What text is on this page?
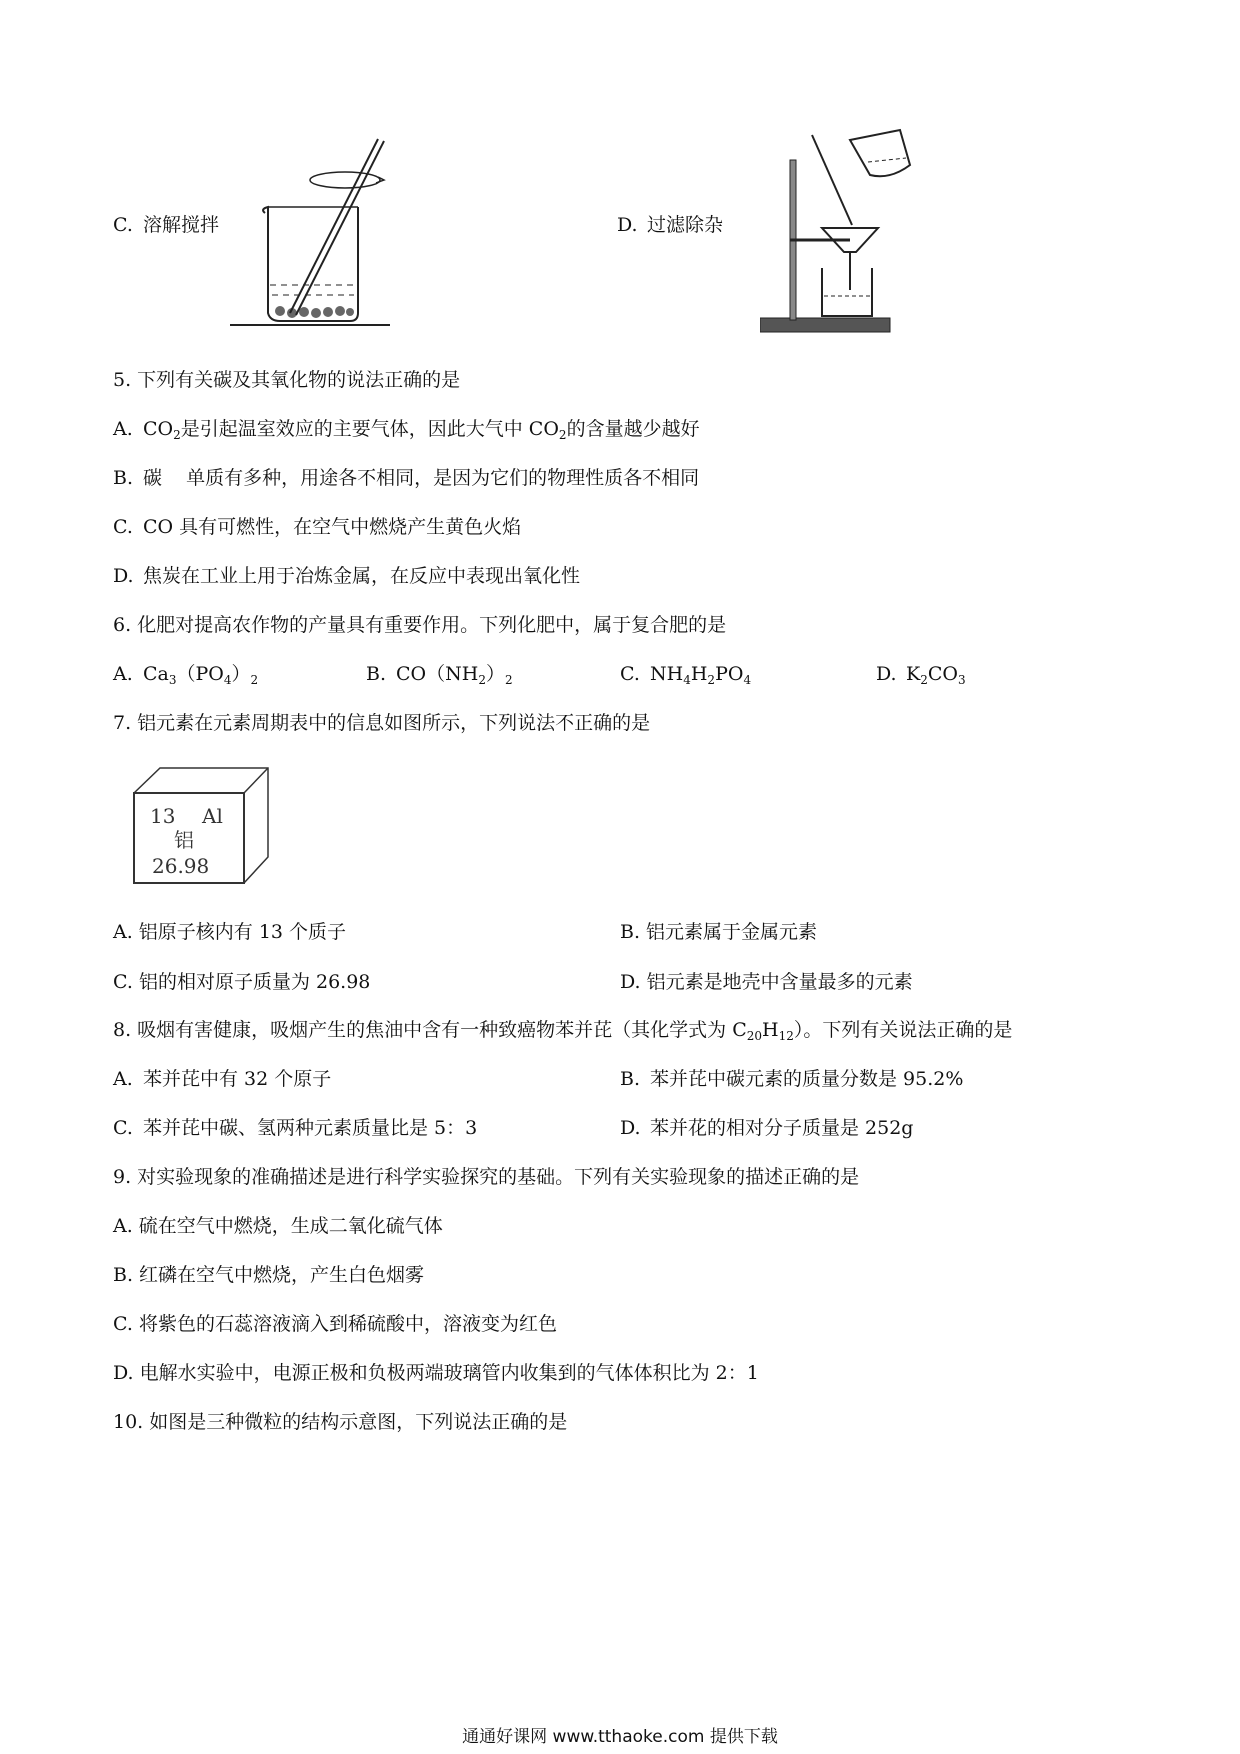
C. 溶解搅拌	D. 过滤除杂
5. 下列有关碳及其氧化物的说法正确的是
A. $CO_2$是引起温室效应的主要气体，因此大气中 $CO_2$的含量越少越好
B. 碳    单质有多种，用途各不相同，是因为它们的物理性质各不相同
C. CO 具有可燃性，在空气中燃烧产生黄色火焰
D. 焦炭在工业上用于冶炼金属，在反应中表现出氧化性
6. 化肥对提高农作物的产量具有重要作用。下列化肥中，属于复合肥的是
A. $Ca_3(PO_4)_2$	B. $CO(NH_2)_2$	C. $NH_4H_2PO_4$	D. $K_2CO_3$
7. 铝元素在元素周期表中的信息如图所示，下列说法不正确的是
13 Al
铝
26.98
A. 铝原子核内有 13 个质子	B. 铝元素属于金属元素
C. 铝的相对原子质量为 26.98	D. 铝元素是地壳中含量最多的元素
8. 吸烟有害健康，吸烟产生的焦油中含有一种致癌物苯并芘（其化学式为 $C_{20}H_{12}$）。下列有关说法正确的是
A. 苯并芘中有 32 个原子	B. 苯并芘中碳元素的质量分数是 95.2%
C. 苯并芘中碳、氢两种元素质量比是 5：3	D. 苯并花的相对分子质量是 252g
9. 对实验现象的准确描述是进行科学实验探究的基础。下列有关实验现象的描述正确的是
A. 硫在空气中燃烧，生成二氧化硫气体
B. 红磷在空气中燃烧，产生白色烟雾
C. 将紫色的石蕊溶液滴入到稀硫酸中，溶液变为红色
D. 电解水实验中，电源正极和负极两端玻璃管内收集到的气体体积比为 2：1
10. 如图是三种微粒的结构示意图，下列说法正确的是
通通好课网 www.tthaoke.com 提供下载
